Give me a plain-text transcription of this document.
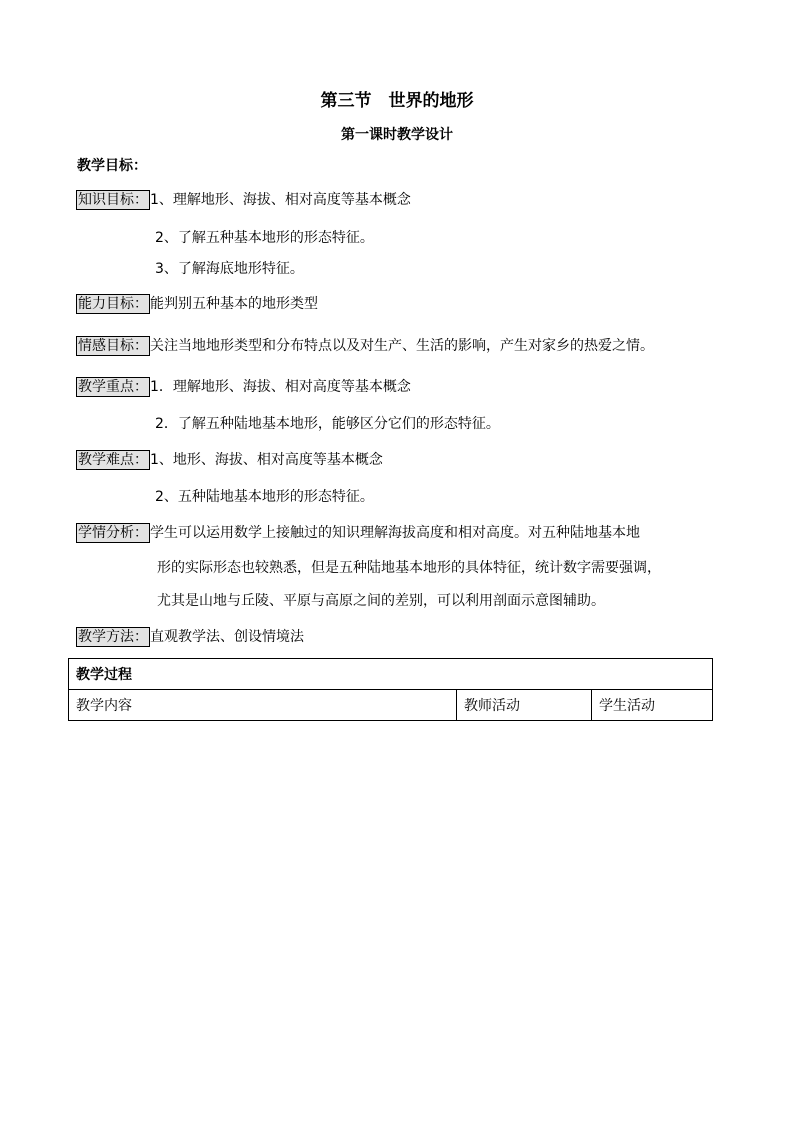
第三节　世界的地形
第一课时教学设计
教学目标：
知识目标： 1、理解地形、海拔、相对高度等基本概念
2、了解五种基本地形的形态特征。
3、了解海底地形特征。
能力目标： 能判别五种基本的地形类型
情感目标： 关注当地地形类型和分布特点以及对生产、生活的影响，产生对家乡的热爱之情。
教学重点： 1．理解地形、海拔、相对高度等基本概念
2．了解五种陆地基本地形，能够区分它们的形态特征。
教学难点： 1、地形、海拔、相对高度等基本概念
2、五种陆地基本地形的形态特征。
学情分析： 学生可以运用数学上接触过的知识理解海拔高度和相对高度。对五种陆地基本地
形的实际形态也较熟悉，但是五种陆地基本地形的具体特征，统计数字需要强调，
尤其是山地与丘陵、平原与高原之间的差别，可以利用剖面示意图辅助。
教学方法： 直观教学法、创设情境法
教学过程
教学内容	教师活动	学生活动
